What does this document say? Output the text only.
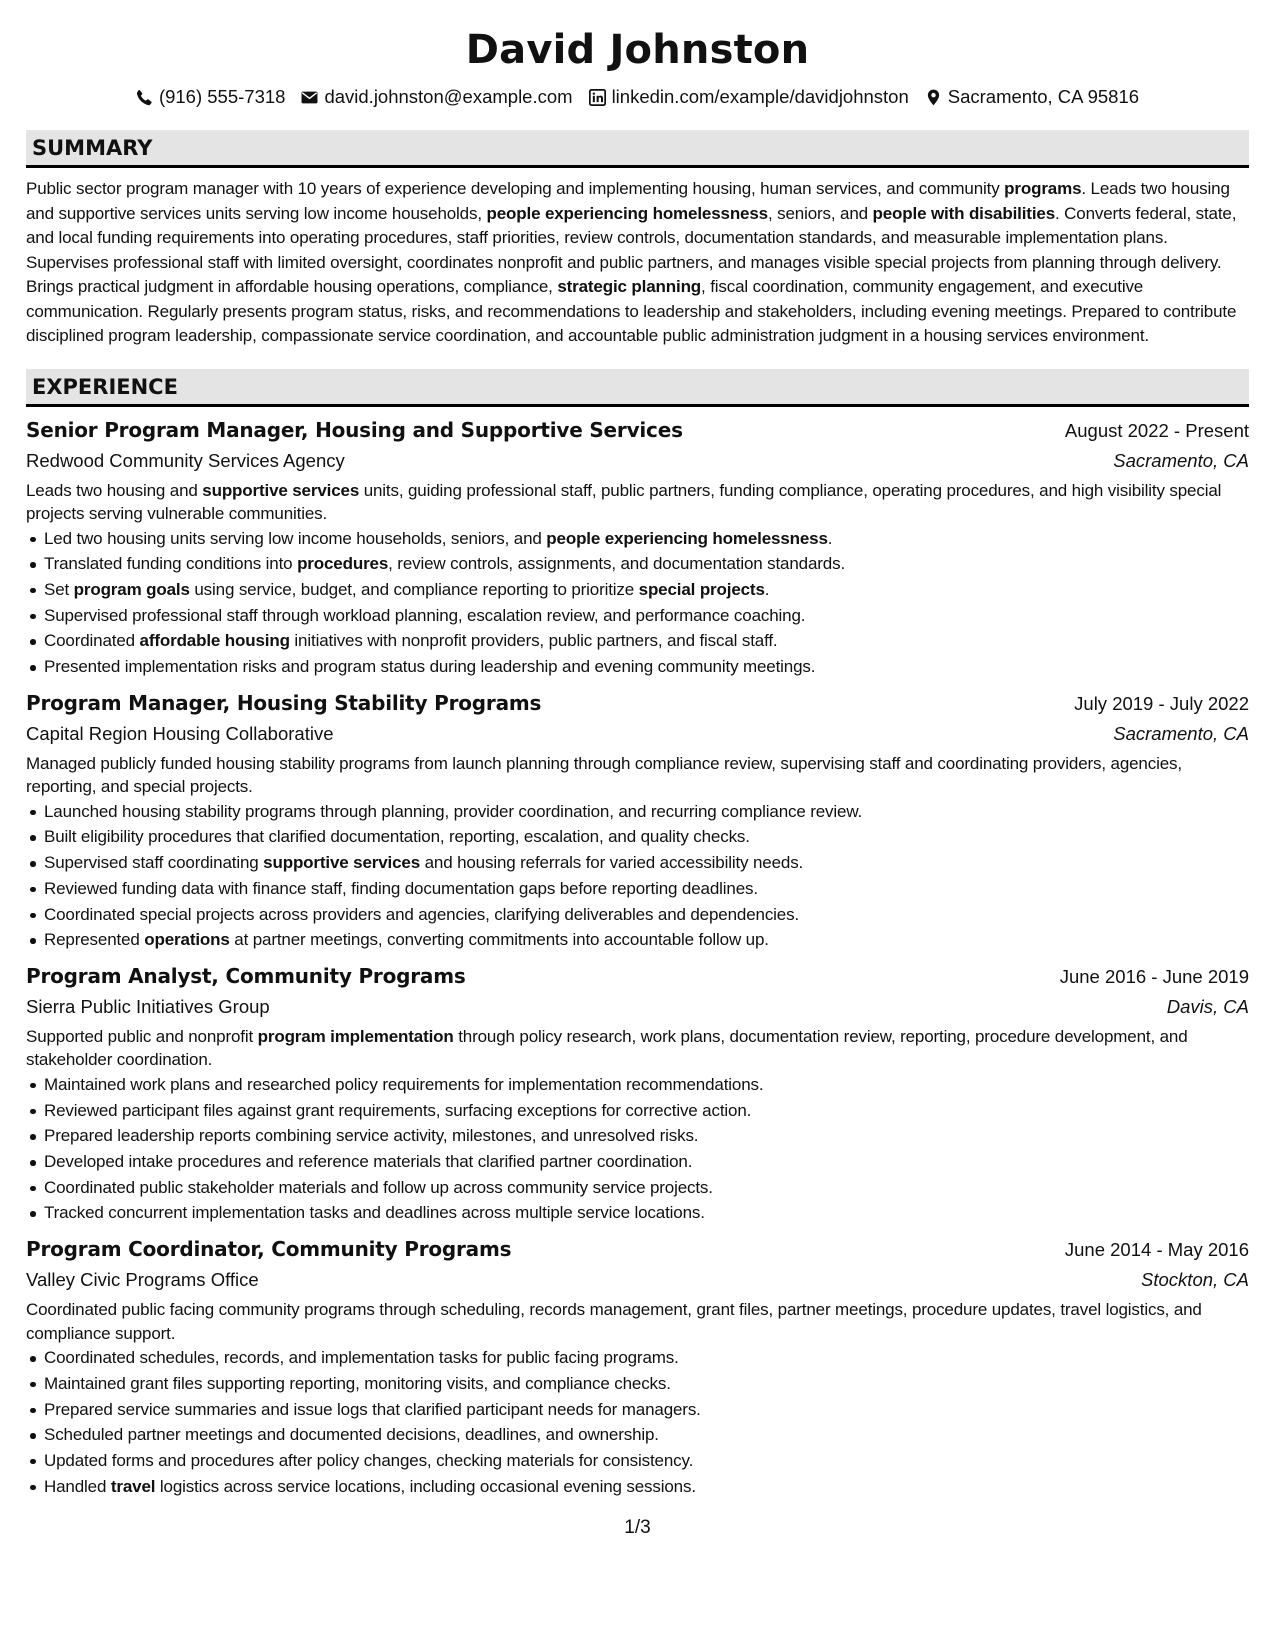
David Johnston
(916) 555-7318 david.johnston@example.com linkedin.com/example/davidjohnston Sacramento, CA 95816
SUMMARY
Public sector program manager with 10 years of experience developing and implementing housing, human services, and community programs. Leads two housing and supportive services units serving low income households, people experiencing homelessness, seniors, and people with disabilities. Converts federal, state, and local funding requirements into operating procedures, staff priorities, review controls, documentation standards, and measurable implementation plans. Supervises professional staff with limited oversight, coordinates nonprofit and public partners, and manages visible special projects from planning through delivery. Brings practical judgment in affordable housing operations, compliance, strategic planning, fiscal coordination, community engagement, and executive communication. Regularly presents program status, risks, and recommendations to leadership and stakeholders, including evening meetings. Prepared to contribute disciplined program leadership, compassionate service coordination, and accountable public administration judgment in a housing services environment.
EXPERIENCE
Senior Program Manager, Housing and Supportive Services	August 2022 - Present
Redwood Community Services Agency	Sacramento, CA
Leads two housing and supportive services units, guiding professional staff, public partners, funding compliance, operating procedures, and high visibility special projects serving vulnerable communities.
Led two housing units serving low income households, seniors, and people experiencing homelessness.
Translated funding conditions into procedures, review controls, assignments, and documentation standards.
Set program goals using service, budget, and compliance reporting to prioritize special projects.
Supervised professional staff through workload planning, escalation review, and performance coaching.
Coordinated affordable housing initiatives with nonprofit providers, public partners, and fiscal staff.
Presented implementation risks and program status during leadership and evening community meetings.
Program Manager, Housing Stability Programs	July 2019 - July 2022
Capital Region Housing Collaborative	Sacramento, CA
Managed publicly funded housing stability programs from launch planning through compliance review, supervising staff and coordinating providers, agencies, reporting, and special projects.
Launched housing stability programs through planning, provider coordination, and recurring compliance review.
Built eligibility procedures that clarified documentation, reporting, escalation, and quality checks.
Supervised staff coordinating supportive services and housing referrals for varied accessibility needs.
Reviewed funding data with finance staff, finding documentation gaps before reporting deadlines.
Coordinated special projects across providers and agencies, clarifying deliverables and dependencies.
Represented operations at partner meetings, converting commitments into accountable follow up.
Program Analyst, Community Programs	June 2016 - June 2019
Sierra Public Initiatives Group	Davis, CA
Supported public and nonprofit program implementation through policy research, work plans, documentation review, reporting, procedure development, and stakeholder coordination.
Maintained work plans and researched policy requirements for implementation recommendations.
Reviewed participant files against grant requirements, surfacing exceptions for corrective action.
Prepared leadership reports combining service activity, milestones, and unresolved risks.
Developed intake procedures and reference materials that clarified partner coordination.
Coordinated public stakeholder materials and follow up across community service projects.
Tracked concurrent implementation tasks and deadlines across multiple service locations.
Program Coordinator, Community Programs	June 2014 - May 2016
Valley Civic Programs Office	Stockton, CA
Coordinated public facing community programs through scheduling, records management, grant files, partner meetings, procedure updates, travel logistics, and compliance support.
Coordinated schedules, records, and implementation tasks for public facing programs.
Maintained grant files supporting reporting, monitoring visits, and compliance checks.
Prepared service summaries and issue logs that clarified participant needs for managers.
Scheduled partner meetings and documented decisions, deadlines, and ownership.
Updated forms and procedures after policy changes, checking materials for consistency.
Handled travel logistics across service locations, including occasional evening sessions.
1/3
